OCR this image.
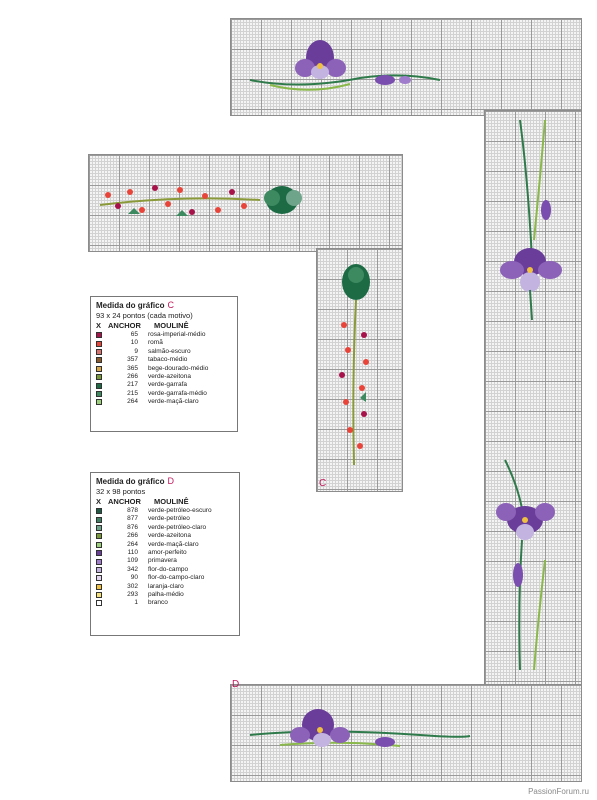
Medida do gráfico C
93 x 24 pontos (cada motivo)
X ANCHOR	MOULINÊ
65 rosa-imperial-médio
10 romã
9 salmão-escuro
357 tabaco-médio
365 bege-dourado-médio
266 verde-azeitona
217 verde-garrafa
215 verde-garrafa-médio
264 verde-maçã-claro
Medida do gráfico D
32 x 98 pontos
X ANCHOR	MOULINÊ
878 verde-petróleo-escuro
877 verde-petróleo
876 verde-petróleo-claro
266 verde-azeitona
264 verde-maçã-claro
110 amor-perfeito
109 primavera
342 flor-do-campo
90 flor-do-campo-claro
302 laranja-claro
293 palha-médio
1 branco
C
D
PassionForum.ru
